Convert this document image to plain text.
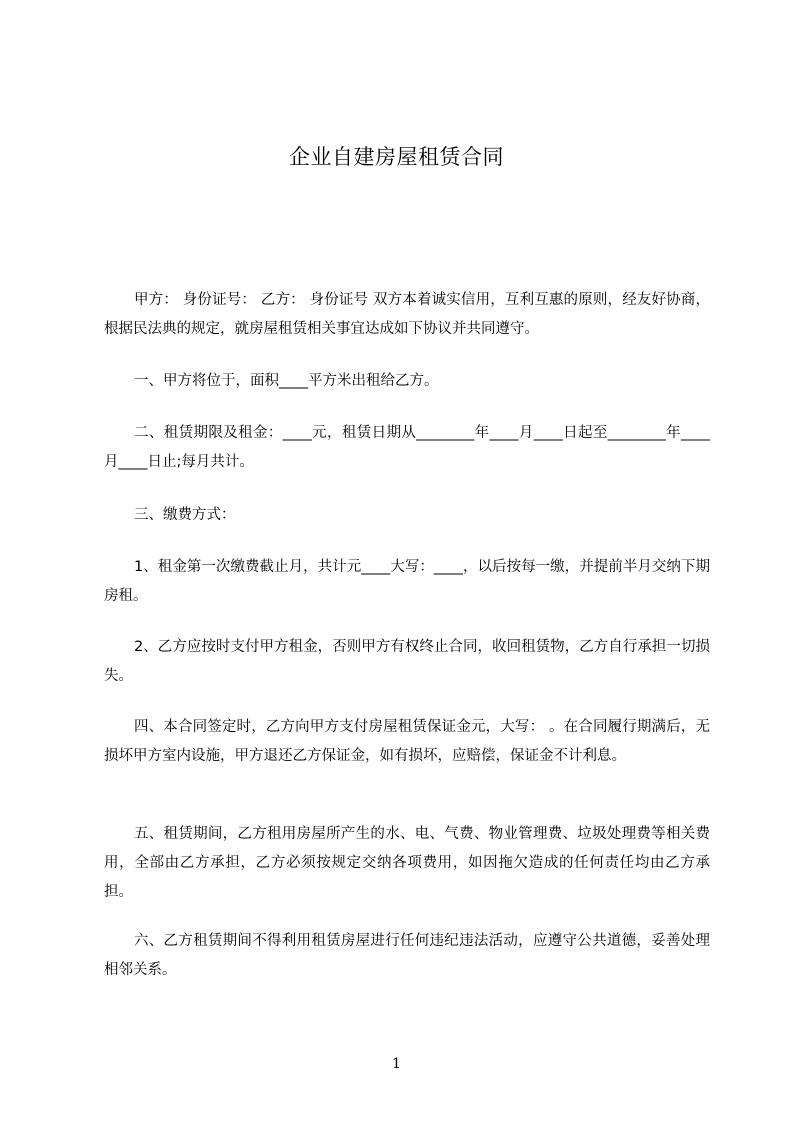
企业自建房屋租赁合同
甲方： 身份证号： 乙方： 身份证号 双方本着诚实信用，互利互惠的原则，经友好协商，根据民法典的规定，就房屋租赁相关事宜达成如下协议并共同遵守。
一、甲方将位于，面积____平方米出租给乙方。
二、租赁期限及租金：____元，租赁日期从________年____月____日起至________年____月____日止;每月共计。
三、缴费方式：
1、租金第一次缴费截止月，共计元____大写：____，以后按每一缴，并提前半月交纳下期房租。
2、乙方应按时支付甲方租金，否则甲方有权终止合同，收回租赁物，乙方自行承担一切损失。
四、本合同签定时，乙方向甲方支付房屋租赁保证金元，大写： 。在合同履行期满后，无损坏甲方室内设施，甲方退还乙方保证金，如有损坏，应赔偿，保证金不计利息。
五、租赁期间，乙方租用房屋所产生的水、电、气费、物业管理费、垃圾处理费等相关费用，全部由乙方承担，乙方必须按规定交纳各项费用，如因拖欠造成的任何责任均由乙方承担。
六、乙方租赁期间不得利用租赁房屋进行任何违纪违法活动，应遵守公共道德，妥善处理相邻关系。
1
